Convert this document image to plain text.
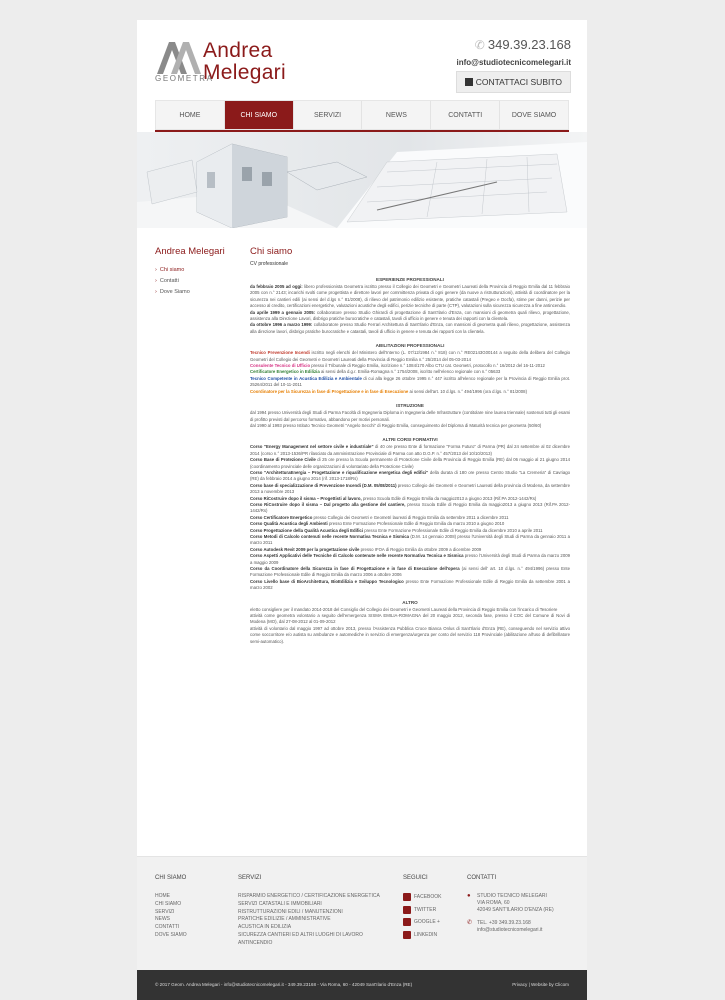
Andrea
Melegari
GEOMETRA
✆ 349.39.23.168
info@studiotecnicomelegari.it
CONTATTACI SUBITO
HOME	CHI SIAMO	SERVIZI	NEWS	CONTATTI	DOVE SIAMO
Andrea Melegari
› Chi siamo
› Contatti
› Dove Siamo
Chi siamo
CV professionale
ESPERIENZE PROFESSIONALI

da febbraio 2005 ad oggi: libero professionista Geometra iscritto presso il Collegio dei Geometri e Geometri Laureati della Provincia di Reggio Emilia dal 11 febbraio 2005 con n.° 2143; incarichi svolti come progettista e direttore lavori per committenza privata di ogni genere (da nuove a ristrutturazioni), attività di coordinatore per la sicurezza nei cantieri edili (ai sensi del d.lgs n.° 81/2008), di rilievo del patrimonio edilizio esistente, pratiche catastali (Pregeo e Docfa), stime per danni, perizie per accesso al credito, certificazioni energetiche, valutazioni acustiche degli edifici, perizie tecniche di parte (CTP), valutazioni sulla sicurezza sicurezza a fine antincendio.

da aprile 1999 a gennaio 2005: collaboratore presso Studio Ghirardi di progettazione di Sant'Ilario d'Enza, con mansioni di geometra quali rilievo, progettazione, assistenza alla Direzione Lavori, disbrigo pratiche burocratiche e catastali, tavoli di ufficio in genere e tenuta dei rapporti con la clientela.

da ottobre 1996 a marzo 1999: collaboratore presso Studio Ferrari Architettura di Sant'Ilario d'Enza, con mansioni di geometra quali rilievo, progettazione, assistenza alla direzione lavori, disbrigo pratiche burocratiche e catastali, tavoli di ufficio in genere e tenuta dei rapporti con la clientela.

ABILITAZIONI PROFESSIONALI

Tecnico Prevenzione Incendi iscritto negli elenchi del Ministero dell'Interno (L. 07/12/1984 n.° 818) con n.° RE02143G00144 a seguito della delibera del Collegio Geometri del Collegio dei Geometri e Geometri Laureati della Provincia di Reggio Emilia n.° 25/2014 del 05-03-2014

Consulente Tecnico di Ufficio presso il Tribunale di Reggio Emilia, iscrizione n.° 1084/170 Albo CTU cat. Geometri, protocollo n.° 16/2012 del 16-11-2012

Certificatore Energetico in Edilizia ai sensi della d.g.r. Emilia-Romagna n.° 1754/2008, iscritto nell'elenco regionale con n.° 05633

Tecnico Competente in Acustica Edilizia e Ambientale di cui alla legge 26 ottobre 1995 n.° 447 iscritto all'elenco regionale per la Provincia di Reggio Emilia prot. 25264/2011 del 10-11-2011

Coordinatore per la Sicurezza in fase di Progettazione e in fase di Esecuzione ai sensi dell'art. 10 d.lgs. n.° 494/1996 (ora d.lgs. n.° 81/2008)

ISTRUZIONE

dal 1994 presso Università degli Studi di Parma Facoltà di Ingegneria Diploma in Ingegneria delle Infrastrutture (contitolare nine laurea triennale) sostenuti tutti gli esami di profitto previsti dal percorso formativo, abbandono per motivi personali.

dal 1990 al 1993 presso Istituto Tecnico Geometri "Angelo Secchi" di Reggio Emilia, conseguimento del Diploma di Maturità tecnica per geometra (50/60)

ALTRI CORSI FORMATIVI

Corso "Energy Management nel settore civile e industriale" di 40 ore presso Ente di formazione "Forma Futuro" di Parma (PR) dal 24 settembre al 02 dicembre 2014 (corso n.° 2013-1536/PR rilasciato da amministrazione Provinciale di Parma con atto D.G.P. n.° 457/2013 del 10/10/2013)

Corso Base di Protezione Civile di 25 ore presso la Scuola permanente di Protezione Civile della Provincia di Reggio Emilia (RE) dal 06 maggio al 21 giugno 2014 (coordinamento provinciale delle organizzazioni di volontariato della Protezione Civile)

Corso "ArchitetturaEnergia – Progettazione e riqualificazione energetica degli edifici" della durata di 180 ore presso Centro Studio "La Cremeria" di Cavriago (RE) da febbraio 2014 a giugno 2014 (rif. 2013-1718/Rs)

Corso base di specializzazione di Prevenzione Incendi (D.M. 05/08/2011) presso Collegio dei Geometri e Geometri Laureati della provincia di Modena, da settembre 2013 a novembre 2013

Corso RiCostruire dopo il sisma – Progettisti al lavoro, presso Scuola Edile di Reggio Emilia da maggio2013 a giugno 2013 (Rif.PA 2012-1442/Rs)

Corso RiCostruire dopo il sisma – Dal progetto alla gestione del cantiere, presso Scuola Edile di Reggio Emilia da maggio2013 a giugno 2013 (Rif.PA 2012-1442/Rs)

Corso Certificatore Energetico presso Collegio dei Geometri e Geometri laureati di Reggio Emilia da settembre 2011 a dicembre 2011

Corso Qualità Acustica degli Ambienti presso Ente Formazione Professionale Edile di Reggio Emilia da marzo 2010 a giugno 2010

Corso Progettazione della Qualità Acustica degli Edifici presso Ente Formazione Professionale Edile di Reggio Emilia da dicembre 2010 a aprile 2011

Corso Metodi di Calcolo contenuti nelle recente Normativa Tecnica e Sismica (D.M. 14 gennaio 2008) presso l'Università degli Studi di Parma da gennaio 2011 a marzo 2011

Corso Autodesk Revit 2009 per la progettazione civile presso IFOA di Reggio Emilia da ottobre 2009 a dicembre 2009

Corso Aspetti Applicativi delle Tecniche di Calcolo contenute nelle recente Normativa Tecnica e Sismica presso l'Università degli Studi di Parma da marzo 2009 a maggio 2009

Corso da Coordinatore della Sicurezza in fase di Progettazione e in fase di Esecuzione dell'opera (ai sensi dell' art. 10 d.lgs. n.° 494/1996) presso Ente Formazione Professionale Edile di Reggio Emilia da marzo 2006 a ottobre 2006

Corso Livello base di BioArchitettura, BioEdilizia e Sviluppo Tecnologico presso Ente Formazione Professionale Edile di Reggio Emilia da settembre 2001 a marzo 2002

ALTRO

eletto consigliere per il mandato 2014-2018 del Consiglio del Collegio dei Geometri e Geometri Laureati della Provincia di Reggio Emilia con l'incarico di Tesoriere

attività come geometra volontario a seguito dell'emergenza SISMA EMILIA-ROMAGNA del 20 maggio 2012, seconda fase, presso il COC del Comune di Novi di Modena (MO), dal 27-08-2012 al 01-09-2012

attività di volontario dal maggio 1997 ad ottobre 2013, presso l'Assistenza Pubblica Croce Bianca Onlus di Sant'Ilario d'Enza (RE), conseguendo nel servizio attivo come soccorritore e/o autista su ambulanze e automediche in servizio di emergenza/urgenza per conto del servizio 118 Provinciale (abilitazione all'uso di defibrillatore semi-automatico).

CHI SIAMO
HOME
CHI SIAMO
SERVIZI
NEWS
CONTATTI
DOVE SIAMO
SERVIZI
RISPARMIO ENERGETICO / CERTIFICAZIONE ENERGETICA
SERVIZI CATASTALI E IMMOBILIARI
RISTRUTTURAZIONI EDILI / MANUTENZIONI
PRATICHE EDILIZIE / AMMINISTRATIVE
ACUSTICA IN EDILIZIA
SICUREZZA CANTIERI ED ALTRI LUOGHI DI LAVORO
ANTINCENDIO
SEGUICI
FACEBOOK
TWITTER
GOOGLE +
LINKEDIN
CONTATTI
●	STUDIO TECNICO MELEGARI
VIA ROMA, 60
42049 SANT'ILARIO D'ENZA (RE)
✆ TEL. +39 349.39.23.168
info@studiotecnicomelegari.it
© 2017 Geom. Andrea Melegari - info@studiotecnicomelegari.it - 349.39.23168 - Via Roma, 60 - 42049 Sant'Ilario d'Enza (RE)	Privacy | Website by Clicom
